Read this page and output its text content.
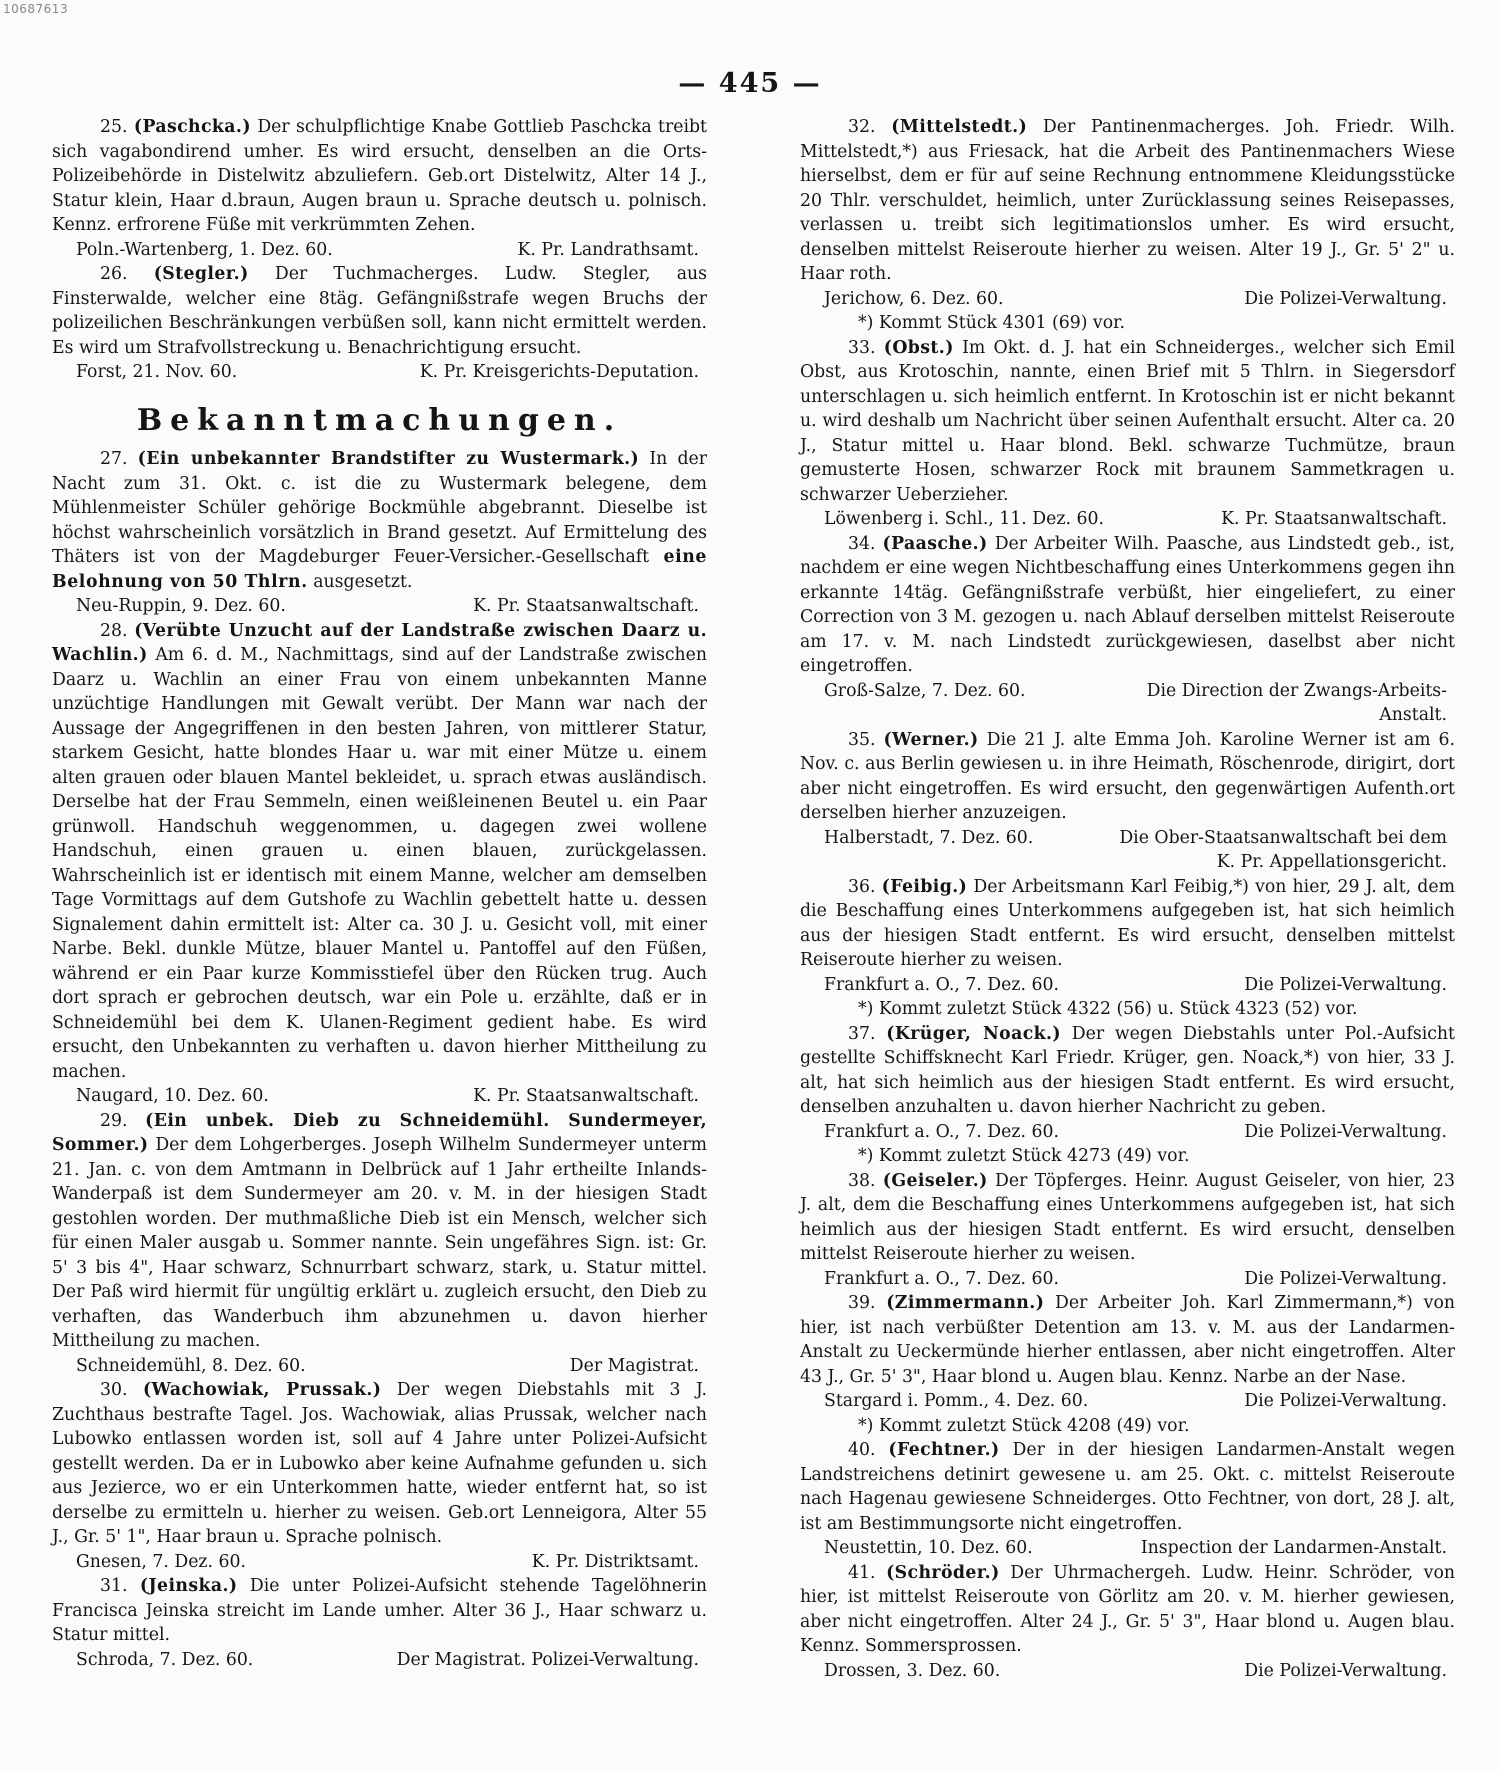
10687613
— 445 —

25. (Paschcka.) Der schulpflichtige Knabe Gottlieb Paschcka treibt sich vagabondirend umher. Es wird ersucht, denselben an die Orts-Polizeibehörde in Distelwitz abzuliefern. Geb.ort Distelwitz, Alter 14 J., Statur klein, Haar d.braun, Augen braun u. Sprache deutsch u. polnisch. Kennz. erfrorene Füße mit verkrümmten Zehen.

Poln.-Wartenberg, 1. Dez. 60.	K. Pr. Landrathsamt.

26. (Stegler.) Der Tuchmacherges. Ludw. Stegler, aus Finsterwalde, welcher eine 8täg. Gefängnißstrafe wegen Bruchs der polizeilichen Beschränkungen verbüßen soll, kann nicht ermittelt werden. Es wird um Strafvollstreckung u. Benachrichtigung ersucht.

Forst, 21. Nov. 60.	K. Pr. Kreisgerichts-Deputation.
Bekanntmachungen.

27. (Ein unbekannter Brandstifter zu Wustermark.) In der Nacht zum 31. Okt. c. ist die zu Wustermark belegene, dem Mühlenmeister Schüler gehörige Bockmühle abgebrannt. Dieselbe ist höchst wahrscheinlich vorsätzlich in Brand gesetzt. Auf Ermittelung des Thäters ist von der Magdeburger Feuer-Versicher.-Gesellschaft eine Belohnung von 50 Thlrn. ausgesetzt.

Neu-Ruppin, 9. Dez. 60.	K. Pr. Staatsanwaltschaft.

28. (Verübte Unzucht auf der Landstraße zwischen Daarz u. Wachlin.) Am 6. d. M., Nachmittags, sind auf der Landstraße zwischen Daarz u. Wachlin an einer Frau von einem unbekannten Manne unzüchtige Handlungen mit Gewalt verübt. Der Mann war nach der Aussage der Angegriffenen in den besten Jahren, von mittlerer Statur, starkem Gesicht, hatte blondes Haar u. war mit einer Mütze u. einem alten grauen oder blauen Mantel bekleidet, u. sprach etwas ausländisch. Derselbe hat der Frau Semmeln, einen weißleinenen Beutel u. ein Paar grünwoll. Handschuh weggenommen, u. dagegen zwei wollene Handschuh, einen grauen u. einen blauen, zurückgelassen. Wahrscheinlich ist er identisch mit einem Manne, welcher am demselben Tage Vormittags auf dem Gutshofe zu Wachlin gebettelt hatte u. dessen Signalement dahin ermittelt ist: Alter ca. 30 J. u. Gesicht voll, mit einer Narbe. Bekl. dunkle Mütze, blauer Mantel u. Pantoffel auf den Füßen, während er ein Paar kurze Kommisstiefel über den Rücken trug. Auch dort sprach er gebrochen deutsch, war ein Pole u. erzählte, daß er in Schneidemühl bei dem K. Ulanen-Regiment gedient habe. Es wird ersucht, den Unbekannten zu verhaften u. davon hierher Mittheilung zu machen.

Naugard, 10. Dez. 60.	K. Pr. Staatsanwaltschaft.

29. (Ein unbek. Dieb zu Schneidemühl. Sundermeyer, Sommer.) Der dem Lohgerberges. Joseph Wilhelm Sundermeyer unterm 21. Jan. c. von dem Amtmann in Delbrück auf 1 Jahr ertheilte Inlands-Wanderpaß ist dem Sundermeyer am 20. v. M. in der hiesigen Stadt gestohlen worden. Der muthmaßliche Dieb ist ein Mensch, welcher sich für einen Maler ausgab u. Sommer nannte. Sein ungefähres Sign. ist: Gr. 5' 3 bis 4", Haar schwarz, Schnurrbart schwarz, stark, u. Statur mittel. Der Paß wird hiermit für ungültig erklärt u. zugleich ersucht, den Dieb zu verhaften, das Wanderbuch ihm abzunehmen u. davon hierher Mittheilung zu machen.

Schneidemühl, 8. Dez. 60.	Der Magistrat.

30. (Wachowiak, Prussak.) Der wegen Diebstahls mit 3 J. Zuchthaus bestrafte Tagel. Jos. Wachowiak, alias Prussak, welcher nach Lubowko entlassen worden ist, soll auf 4 Jahre unter Polizei-Aufsicht gestellt werden. Da er in Lubowko aber keine Aufnahme gefunden u. sich aus Jezierce, wo er ein Unterkommen hatte, wieder entfernt hat, so ist derselbe zu ermitteln u. hierher zu weisen. Geb.ort Lenneigora, Alter 55 J., Gr. 5' 1", Haar braun u. Sprache polnisch.

Gnesen, 7. Dez. 60.	K. Pr. Distriktsamt.

31. (Jeinska.) Die unter Polizei-Aufsicht stehende Tagelöhnerin Francisca Jeinska streicht im Lande umher. Alter 36 J., Haar schwarz u. Statur mittel.

Schroda, 7. Dez. 60.	Der Magistrat. Polizei-Verwaltung.

32. (Mittelstedt.) Der Pantinenmacherges. Joh. Friedr. Wilh. Mittelstedt,*) aus Friesack, hat die Arbeit des Pantinenmachers Wiese hierselbst, dem er für auf seine Rechnung entnommene Kleidungsstücke 20 Thlr. verschuldet, heimlich, unter Zurücklassung seines Reisepasses, verlassen u. treibt sich legitimationslos umher. Es wird ersucht, denselben mittelst Reiseroute hierher zu weisen. Alter 19 J., Gr. 5' 2" u. Haar roth.

Jerichow, 6. Dez. 60.	Die Polizei-Verwaltung.
*) Kommt Stück 4301 (69) vor.

33. (Obst.) Im Okt. d. J. hat ein Schneiderges., welcher sich Emil Obst, aus Krotoschin, nannte, einen Brief mit 5 Thlrn. in Siegersdorf unterschlagen u. sich heimlich entfernt. In Krotoschin ist er nicht bekannt u. wird deshalb um Nachricht über seinen Aufenthalt ersucht. Alter ca. 20 J., Statur mittel u. Haar blond. Bekl. schwarze Tuchmütze, braun gemusterte Hosen, schwarzer Rock mit braunem Sammetkragen u. schwarzer Ueberzieher.

Löwenberg i. Schl., 11. Dez. 60.	K. Pr. Staatsanwaltschaft.

34. (Paasche.) Der Arbeiter Wilh. Paasche, aus Lindstedt geb., ist, nachdem er eine wegen Nichtbeschaffung eines Unterkommens gegen ihn erkannte 14täg. Gefängnißstrafe verbüßt, hier eingeliefert, zu einer Correction von 3 M. gezogen u. nach Ablauf derselben mittelst Reiseroute am 17. v. M. nach Lindstedt zurückgewiesen, daselbst aber nicht eingetroffen.

Groß-Salze, 7. Dez. 60.	Die Direction der Zwangs-Arbeits-Anstalt.

35. (Werner.) Die 21 J. alte Emma Joh. Karoline Werner ist am 6. Nov. c. aus Berlin gewiesen u. in ihre Heimath, Röschenrode, dirigirt, dort aber nicht eingetroffen. Es wird ersucht, den gegenwärtigen Aufenth.ort derselben hierher anzuzeigen.

Halberstadt, 7. Dez. 60.	Die Ober-Staatsanwaltschaft bei dem K. Pr. Appellationsgericht.

36. (Feibig.) Der Arbeitsmann Karl Feibig,*) von hier, 29 J. alt, dem die Beschaffung eines Unterkommens aufgegeben ist, hat sich heimlich aus der hiesigen Stadt entfernt. Es wird ersucht, denselben mittelst Reiseroute hierher zu weisen.

Frankfurt a. O., 7. Dez. 60.	Die Polizei-Verwaltung.
*) Kommt zuletzt Stück 4322 (56) u. Stück 4323 (52) vor.

37. (Krüger, Noack.) Der wegen Diebstahls unter Pol.-Aufsicht gestellte Schiffsknecht Karl Friedr. Krüger, gen. Noack,*) von hier, 33 J. alt, hat sich heimlich aus der hiesigen Stadt entfernt. Es wird ersucht, denselben anzuhalten u. davon hierher Nachricht zu geben.

Frankfurt a. O., 7. Dez. 60.	Die Polizei-Verwaltung.
*) Kommt zuletzt Stück 4273 (49) vor.

38. (Geiseler.) Der Töpferges. Heinr. August Geiseler, von hier, 23 J. alt, dem die Beschaffung eines Unterkommens aufgegeben ist, hat sich heimlich aus der hiesigen Stadt entfernt. Es wird ersucht, denselben mittelst Reiseroute hierher zu weisen.

Frankfurt a. O., 7. Dez. 60.	Die Polizei-Verwaltung.

39. (Zimmermann.) Der Arbeiter Joh. Karl Zimmermann,*) von hier, ist nach verbüßter Detention am 13. v. M. aus der Landarmen-Anstalt zu Ueckermünde hierher entlassen, aber nicht eingetroffen. Alter 43 J., Gr. 5' 3", Haar blond u. Augen blau. Kennz. Narbe an der Nase.

Stargard i. Pomm., 4. Dez. 60.	Die Polizei-Verwaltung.
*) Kommt zuletzt Stück 4208 (49) vor.

40. (Fechtner.) Der in der hiesigen Landarmen-Anstalt wegen Landstreichens detinirt gewesene u. am 25. Okt. c. mittelst Reiseroute nach Hagenau gewiesene Schneiderges. Otto Fechtner, von dort, 28 J. alt, ist am Bestimmungsorte nicht eingetroffen.

Neustettin, 10. Dez. 60.	Inspection der Landarmen-Anstalt.

41. (Schröder.) Der Uhrmachergeh. Ludw. Heinr. Schröder, von hier, ist mittelst Reiseroute von Görlitz am 20. v. M. hierher gewiesen, aber nicht eingetroffen. Alter 24 J., Gr. 5' 3", Haar blond u. Augen blau. Kennz. Sommersprossen.

Drossen, 3. Dez. 60.	Die Polizei-Verwaltung.
